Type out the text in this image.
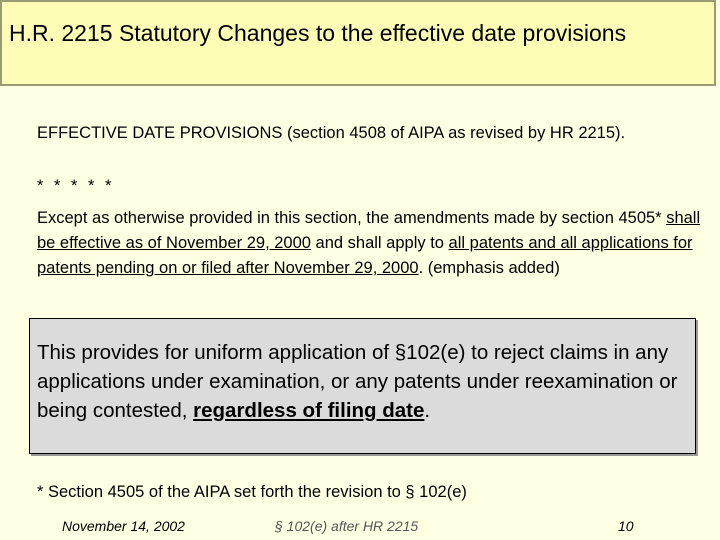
H.R. 2215 Statutory Changes to the effective date provisions
EFFECTIVE DATE PROVISIONS (section 4508 of AIPA as revised by HR 2215).
* * * * *
Except as otherwise provided in this section, the amendments made by section 4505* shall be effective as of November 29, 2000 and shall apply to all patents and all applications for patents pending on or filed after November 29, 2000. (emphasis added)
This provides for uniform application of §102(e) to reject claims in any applications under examination, or any patents under reexamination or being contested, regardless of filing date.
* Section 4505 of the AIPA set forth the revision to § 102(e)
November 14, 2002	§ 102(e) after HR 2215	10
